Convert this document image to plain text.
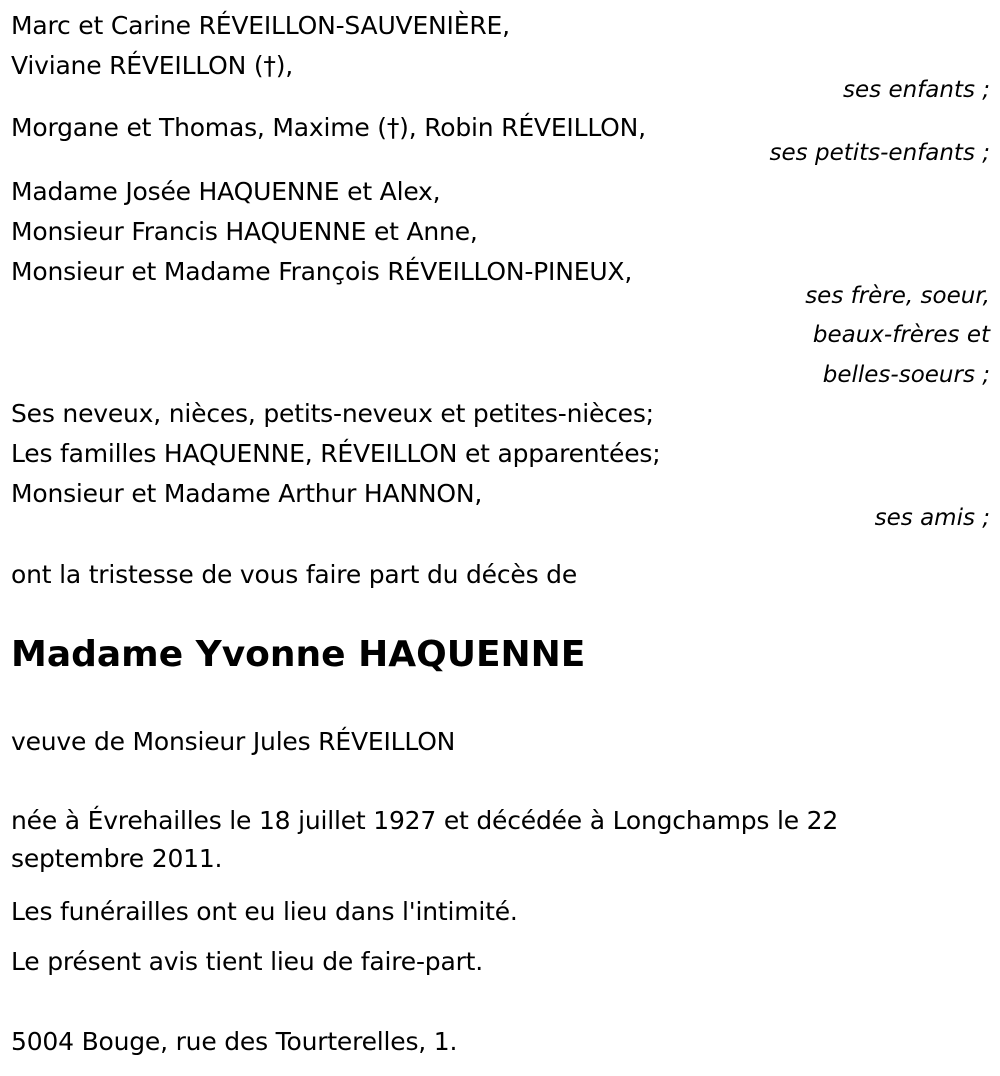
Marc et Carine RÉVEILLON-SAUVENIÈRE,

Viviane RÉVEILLON (†),

ses enfants ;

Morgane et Thomas, Maxime (†), Robin RÉVEILLON,

ses petits-enfants ;

Madame Josée HAQUENNE et Alex,

Monsieur Francis HAQUENNE et Anne,

Monsieur et Madame François RÉVEILLON-PINEUX,

ses frère, soeur,

beaux-frères et

belles-soeurs ;

Ses neveux, nièces, petits-neveux et petites-nièces;

Les familles HAQUENNE, RÉVEILLON et apparentées;

Monsieur et Madame Arthur HANNON,

ses amis ;

ont la tristesse de vous faire part du décès de

Madame Yvonne HAQUENNE

veuve de Monsieur Jules RÉVEILLON

née à Évrehailles le 18 juillet 1927 et décédée à Longchamps le 22 septembre 2011.

Les funérailles ont eu lieu dans l'intimité.

Le présent avis tient lieu de faire-part.

5004 Bouge, rue des Tourterelles, 1.
